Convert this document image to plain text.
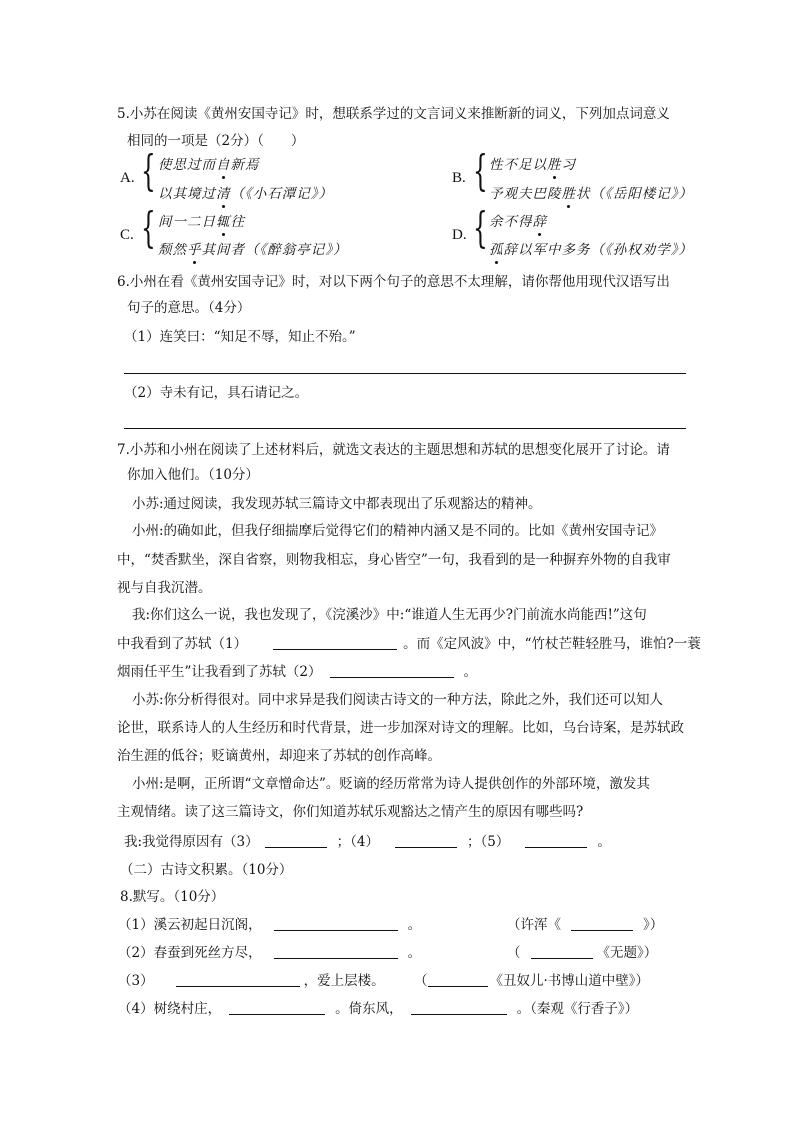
5.小苏在阅读《黄州安国寺记》时，想联系学过的文言词义来推断新的词义，下列加点词意义
相同的一项是（2分）（　　）
A. { 使思过而自新焉
以其境过清（《小石潭记》）
B. { 性不足以胜习
予观夫巴陵胜状（《岳阳楼记》）
C. { 间一二日辄往
颓然乎其间者（《醉翁亭记》）
D. { 余不得辞
孤辞以军中多务（《孙权劝学》）
6.小州在看《黄州安国寺记》时，对以下两个句子的意思不太理解，请你帮他用现代汉语写出
句子的意思。（4分）
（1）连笑曰：“知足不辱，知止不殆。”
（2）寺未有记，具石请记之。
7.小苏和小州在阅读了上述材料后，就选文表达的主题思想和苏轼的思想变化展开了讨论。请
你加入他们。（10分）
小苏:通过阅读，我发现苏轼三篇诗文中都表现出了乐观豁达的精神。
小州:的确如此，但我仔细揣摩后觉得它们的精神内涵又是不同的。比如《黄州安国寺记》
中，“焚香默坐，深自省察，则物我相忘，身心皆空”一句，我看到的是一种摒弃外物的自我审
视与自我沉潜。
我:你们这么一说，我也发现了，《浣溪沙》中:“谁道人生无再少?门前流水尚能西!”这句
中我看到了苏轼（1）	。而《定风波》中，“竹杖芒鞋轻胜马，谁怕?一蓑
烟雨任平生”让我看到了苏轼（2）	。
小苏:你分析得很对。同中求异是我们阅读古诗文的一种方法，除此之外，我们还可以知人
论世，联系诗人的人生经历和时代背景，进一步加深对诗文的理解。比如，乌台诗案，是苏轼政
治生涯的低谷；贬谪黄州，却迎来了苏轼的创作高峰。
小州:是啊，正所谓“文章憎命达”。贬谪的经历常常为诗人提供创作的外部环境，激发其
主观情绪。读了这三篇诗文，你们知道苏轼乐观豁达之情产生的原因有哪些吗?
我:我觉得原因有（3）	；（4）	；（5）	。
（二）古诗文积累。（10分）
8.默写。（10分）
（1）溪云初起日沉阁，	。	（许浑《	》）
（2）春蚕到死丝方尽，	。	（	《无题》）
（3）	，爱上层楼。 （	《丑奴儿·书博山道中壁》）
（4）树绕村庄，	。倚东风，	。（秦观《行香子》）
